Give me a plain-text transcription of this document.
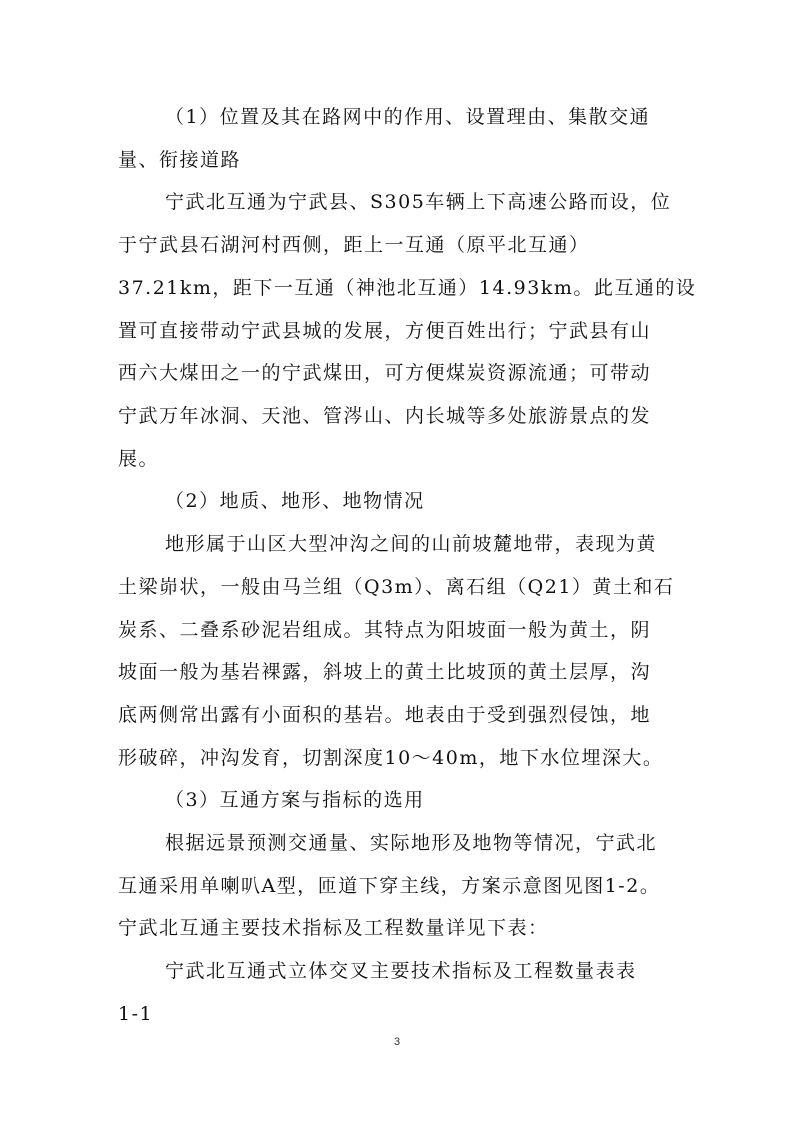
（1）位置及其在路网中的作用、设置理由、集散交通
量、衔接道路
宁武北互通为宁武县、S305车辆上下高速公路而设，位
于宁武县石湖河村西侧，距上一互通（原平北互通）
37.21km，距下一互通（神池北互通）14.93km。此互通的设
置可直接带动宁武县城的发展，方便百姓出行；宁武县有山
西六大煤田之一的宁武煤田，可方便煤炭资源流通；可带动
宁武万年冰洞、天池、管涔山、内长城等多处旅游景点的发
展。
（2）地质、地形、地物情况
地形属于山区大型冲沟之间的山前坡麓地带，表现为黄
土梁峁状，一般由马兰组（Q3m）、离石组（Q21）黄土和石
炭系、二叠系砂泥岩组成。其特点为阳坡面一般为黄土，阴
坡面一般为基岩裸露，斜坡上的黄土比坡顶的黄土层厚，沟
底两侧常出露有小面积的基岩。地表由于受到强烈侵蚀，地
形破碎，冲沟发育，切割深度10～40m，地下水位埋深大。
（3）互通方案与指标的选用
根据远景预测交通量、实际地形及地物等情况，宁武北
互通采用单喇叭A型，匝道下穿主线，方案示意图见图1-2。
宁武北互通主要技术指标及工程数量详见下表：
宁武北互通式立体交叉主要技术指标及工程数量表表
1-1
3
